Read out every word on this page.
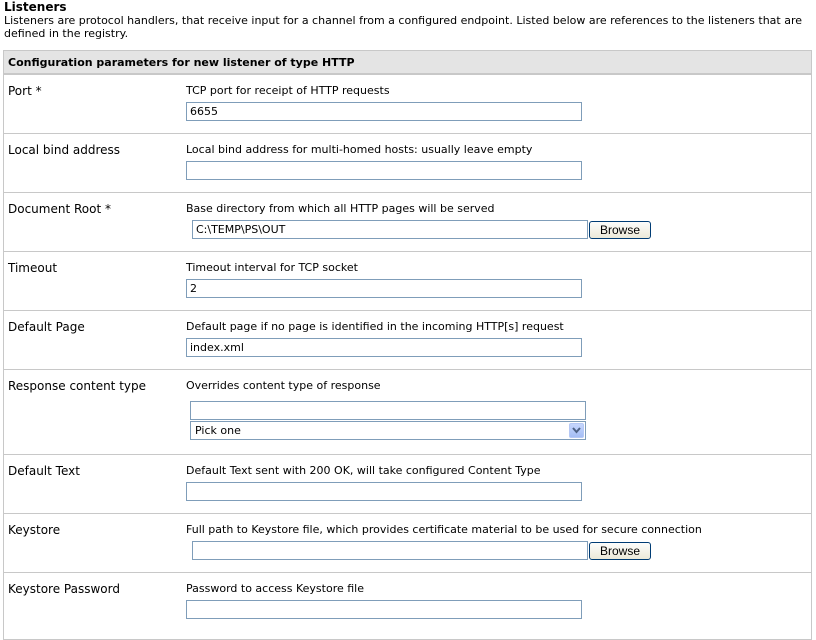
Listeners
Listeners are protocol handlers, that receive input for a channel from a configured endpoint. Listed below are references to the listeners that are defined in the registry.
Configuration parameters for new listener of type HTTP
Port *	TCP port for receipt of HTTP requests
6655
Local bind address	Local bind address for multi-homed hosts: usually leave empty
Document Root *	Base directory from which all HTTP pages will be served
C:\TEMP\PS\OUT
Browse
Timeout	Timeout interval for TCP socket
2
Default Page	Default page if no page is identified in the incoming HTTP[s] request
index.xml
Response content type	Overrides content type of response
Pick one
Default Text	Default Text sent with 200 OK, will take configured Content Type
Keystore	Full path to Keystore file, which provides certificate material to be used for secure connection
Browse
Keystore Password	Password to access Keystore file
